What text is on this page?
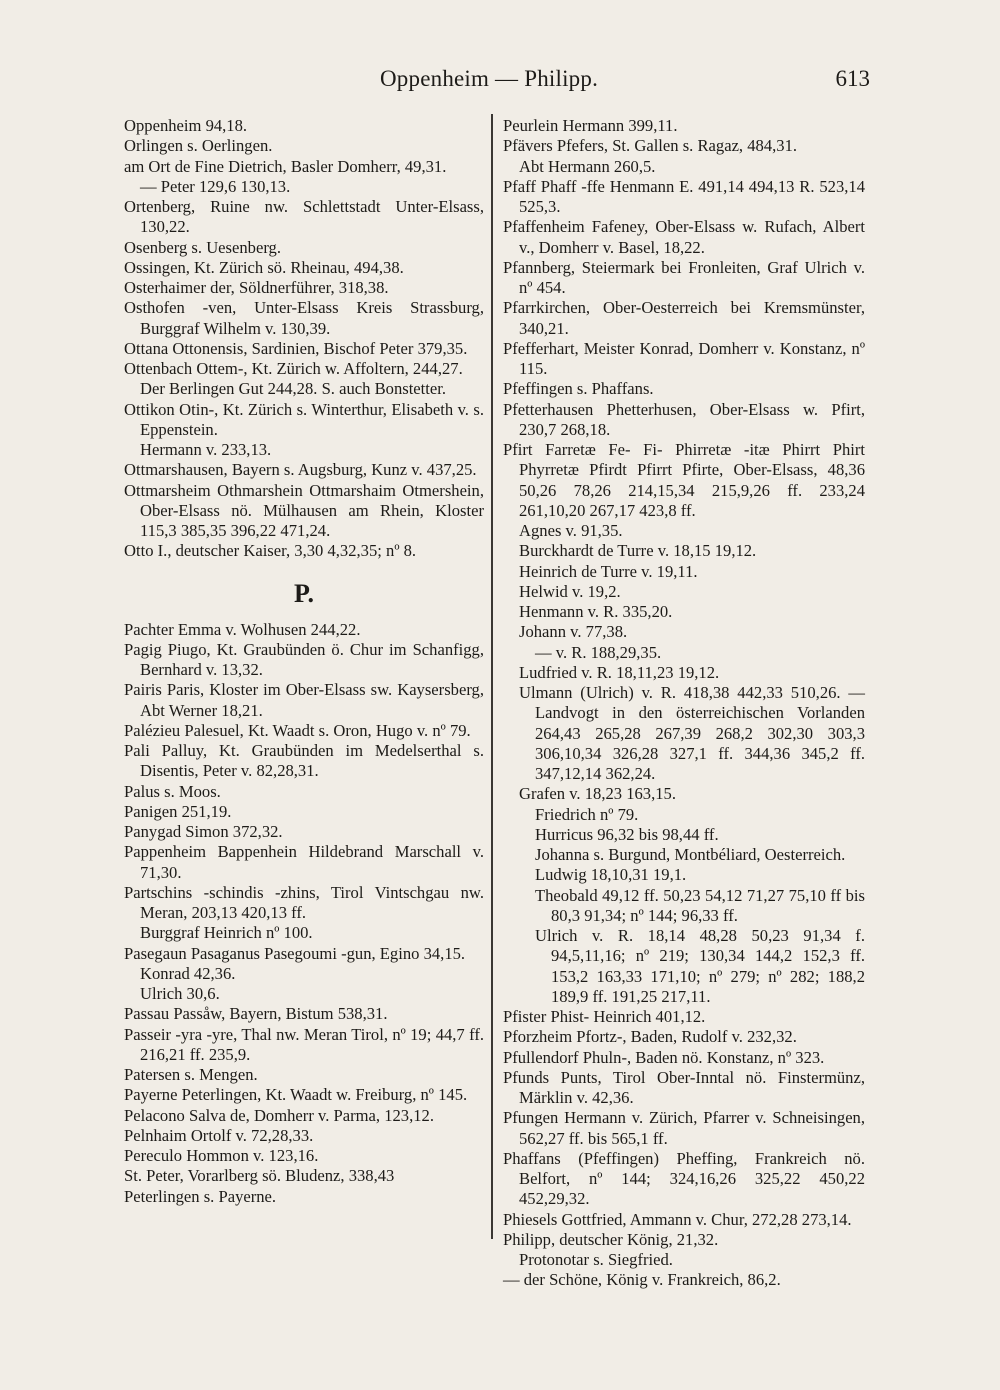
Oppenheim — Philipp.	613

Oppenheim 94,18.

Orlingen s. Oerlingen.

am Ort de Fine Dietrich, Basler Domherr, 49,31.

— Peter 129,6 130,13.

Ortenberg, Ruine nw. Schlettstadt Unter-Elsass, 130,22.

Osenberg s. Uesenberg.

Ossingen, Kt. Zürich sö. Rheinau, 494,38.

Osterhaimer der, Söldnerführer, 318,38.

Osthofen -ven, Unter-Elsass Kreis Strassburg, Burggraf Wilhelm v. 130,39.

Ottana Ottonensis, Sardinien, Bischof Peter 379,35.

Ottenbach Ottem-, Kt. Zürich w. Affoltern, 244,27.

Der Berlingen Gut 244,28. S. auch Bonstetter.

Ottikon Otin-, Kt. Zürich s. Winterthur, Elisabeth v. s. Eppenstein.

Hermann v. 233,13.

Ottmarshausen, Bayern s. Augsburg, Kunz v. 437,25.

Ottmarsheim Othmarshein Ottmarshaim Otmershein, Ober-Elsass nö. Mülhausen am Rhein, Kloster 115,3 385,35 396,22 471,24.

Otto I., deutscher Kaiser, 3,30 4,32,35; nº 8.

P.

Pachter Emma v. Wolhusen 244,22.

Pagig Piugo, Kt. Graubünden ö. Chur im Schanfigg, Bernhard v. 13,32.

Pairis Paris, Kloster im Ober-Elsass sw. Kaysersberg, Abt Werner 18,21.

Palézieu Palesuel, Kt. Waadt s. Oron, Hugo v. nº 79.

Pali Palluy, Kt. Graubünden im Medelserthal s. Disentis, Peter v. 82,28,31.

Palus s. Moos.

Panigen 251,19.

Panygad Simon 372,32.

Pappenheim Bappenhein Hildebrand Marschall v. 71,30.

Partschins -schindis -zhins, Tirol Vintschgau nw. Meran, 203,13 420,13 ff.

Burggraf Heinrich nº 100.

Pasegaun Pasaganus Pasegoumi -gun, Egino 34,15.

Konrad 42,36.

Ulrich 30,6.

Passau Passåw, Bayern, Bistum 538,31.

Passeir -yra -yre, Thal nw. Meran Tirol, nº 19; 44,7 ff. 216,21 ff. 235,9.

Patersen s. Mengen.

Payerne Peterlingen, Kt. Waadt w. Freiburg, nº 145.

Pelacono Salva de, Domherr v. Parma, 123,12.

Pelnhaim Ortolf v. 72,28,33.

Pereculo Hommon v. 123,16.

St. Peter, Vorarlberg sö. Bludenz, 338,43

Peterlingen s. Payerne.

Peurlein Hermann 399,11.

Pfävers Pfefers, St. Gallen s. Ragaz, 484,31.

Abt Hermann 260,5.

Pfaff Phaff -ffe Henmann E. 491,14 494,13 R. 523,14 525,3.

Pfaffenheim Fafeney, Ober-Elsass w. Rufach, Albert v., Domherr v. Basel, 18,22.

Pfannberg, Steiermark bei Fronleiten, Graf Ulrich v. nº 454.

Pfarrkirchen, Ober-Oesterreich bei Kremsmünster, 340,21.

Pfefferhart, Meister Konrad, Domherr v. Konstanz, nº 115.

Pfeffingen s. Phaffans.

Pfetterhausen Phetterhusen, Ober-Elsass w. Pfirt, 230,7 268,18.

Pfirt Farretæ Fe- Fi- Phirretæ -itæ Phirrt Phirt Phyrretæ Pfirdt Pfirrt Pfirte, Ober-Elsass, 48,36 50,26 78,26 214,15,34 215,9,26 ff. 233,24 261,10,20 267,17 423,8 ff.

Agnes v. 91,35.

Burckhardt de Turre v. 18,15 19,12.

Heinrich de Turre v. 19,11.

Helwid v. 19,2.

Henmann v. R. 335,20.

Johann v. 77,38.

— v. R. 188,29,35.

Ludfried v. R. 18,11,23 19,12.

Ulmann (Ulrich) v. R. 418,38 442,33 510,26. — Landvogt in den österreichischen Vorlanden 264,43 265,28 267,39 268,2 302,30 303,3 306,10,34 326,28 327,1 ff. 344,36 345,2 ff. 347,12,14 362,24.

Grafen v. 18,23 163,15.

Friedrich nº 79.

Hurricus 96,32 bis 98,44 ff.

Johanna s. Burgund, Montbéliard, Oesterreich.

Ludwig 18,10,31 19,1.

Theobald 49,12 ff. 50,23 54,12 71,27 75,10 ff bis 80,3 91,34; nº 144; 96,33 ff.

Ulrich v. R. 18,14 48,28 50,23 91,34 f. 94,5,11,16; nº 219; 130,34 144,2 152,3 ff. 153,2 163,33 171,10; nº 279; nº 282; 188,2 189,9 ff. 191,25 217,11.

Pfister Phist- Heinrich 401,12.

Pforzheim Pfortz-, Baden, Rudolf v. 232,32.

Pfullendorf Phuln-, Baden nö. Konstanz, nº 323.

Pfunds Punts, Tirol Ober-Inntal nö. Finstermünz, Märklin v. 42,36.

Pfungen Hermann v. Zürich, Pfarrer v. Schneisingen, 562,27 ff. bis 565,1 ff.

Phaffans (Pfeffingen) Pheffing, Frankreich nö. Belfort, nº 144; 324,16,26 325,22 450,22 452,29,32.

Phiesels Gottfried, Ammann v. Chur, 272,28 273,14.

Philipp, deutscher König, 21,32.

Protonotar s. Siegfried.

— der Schöne, König v. Frankreich, 86,2.
